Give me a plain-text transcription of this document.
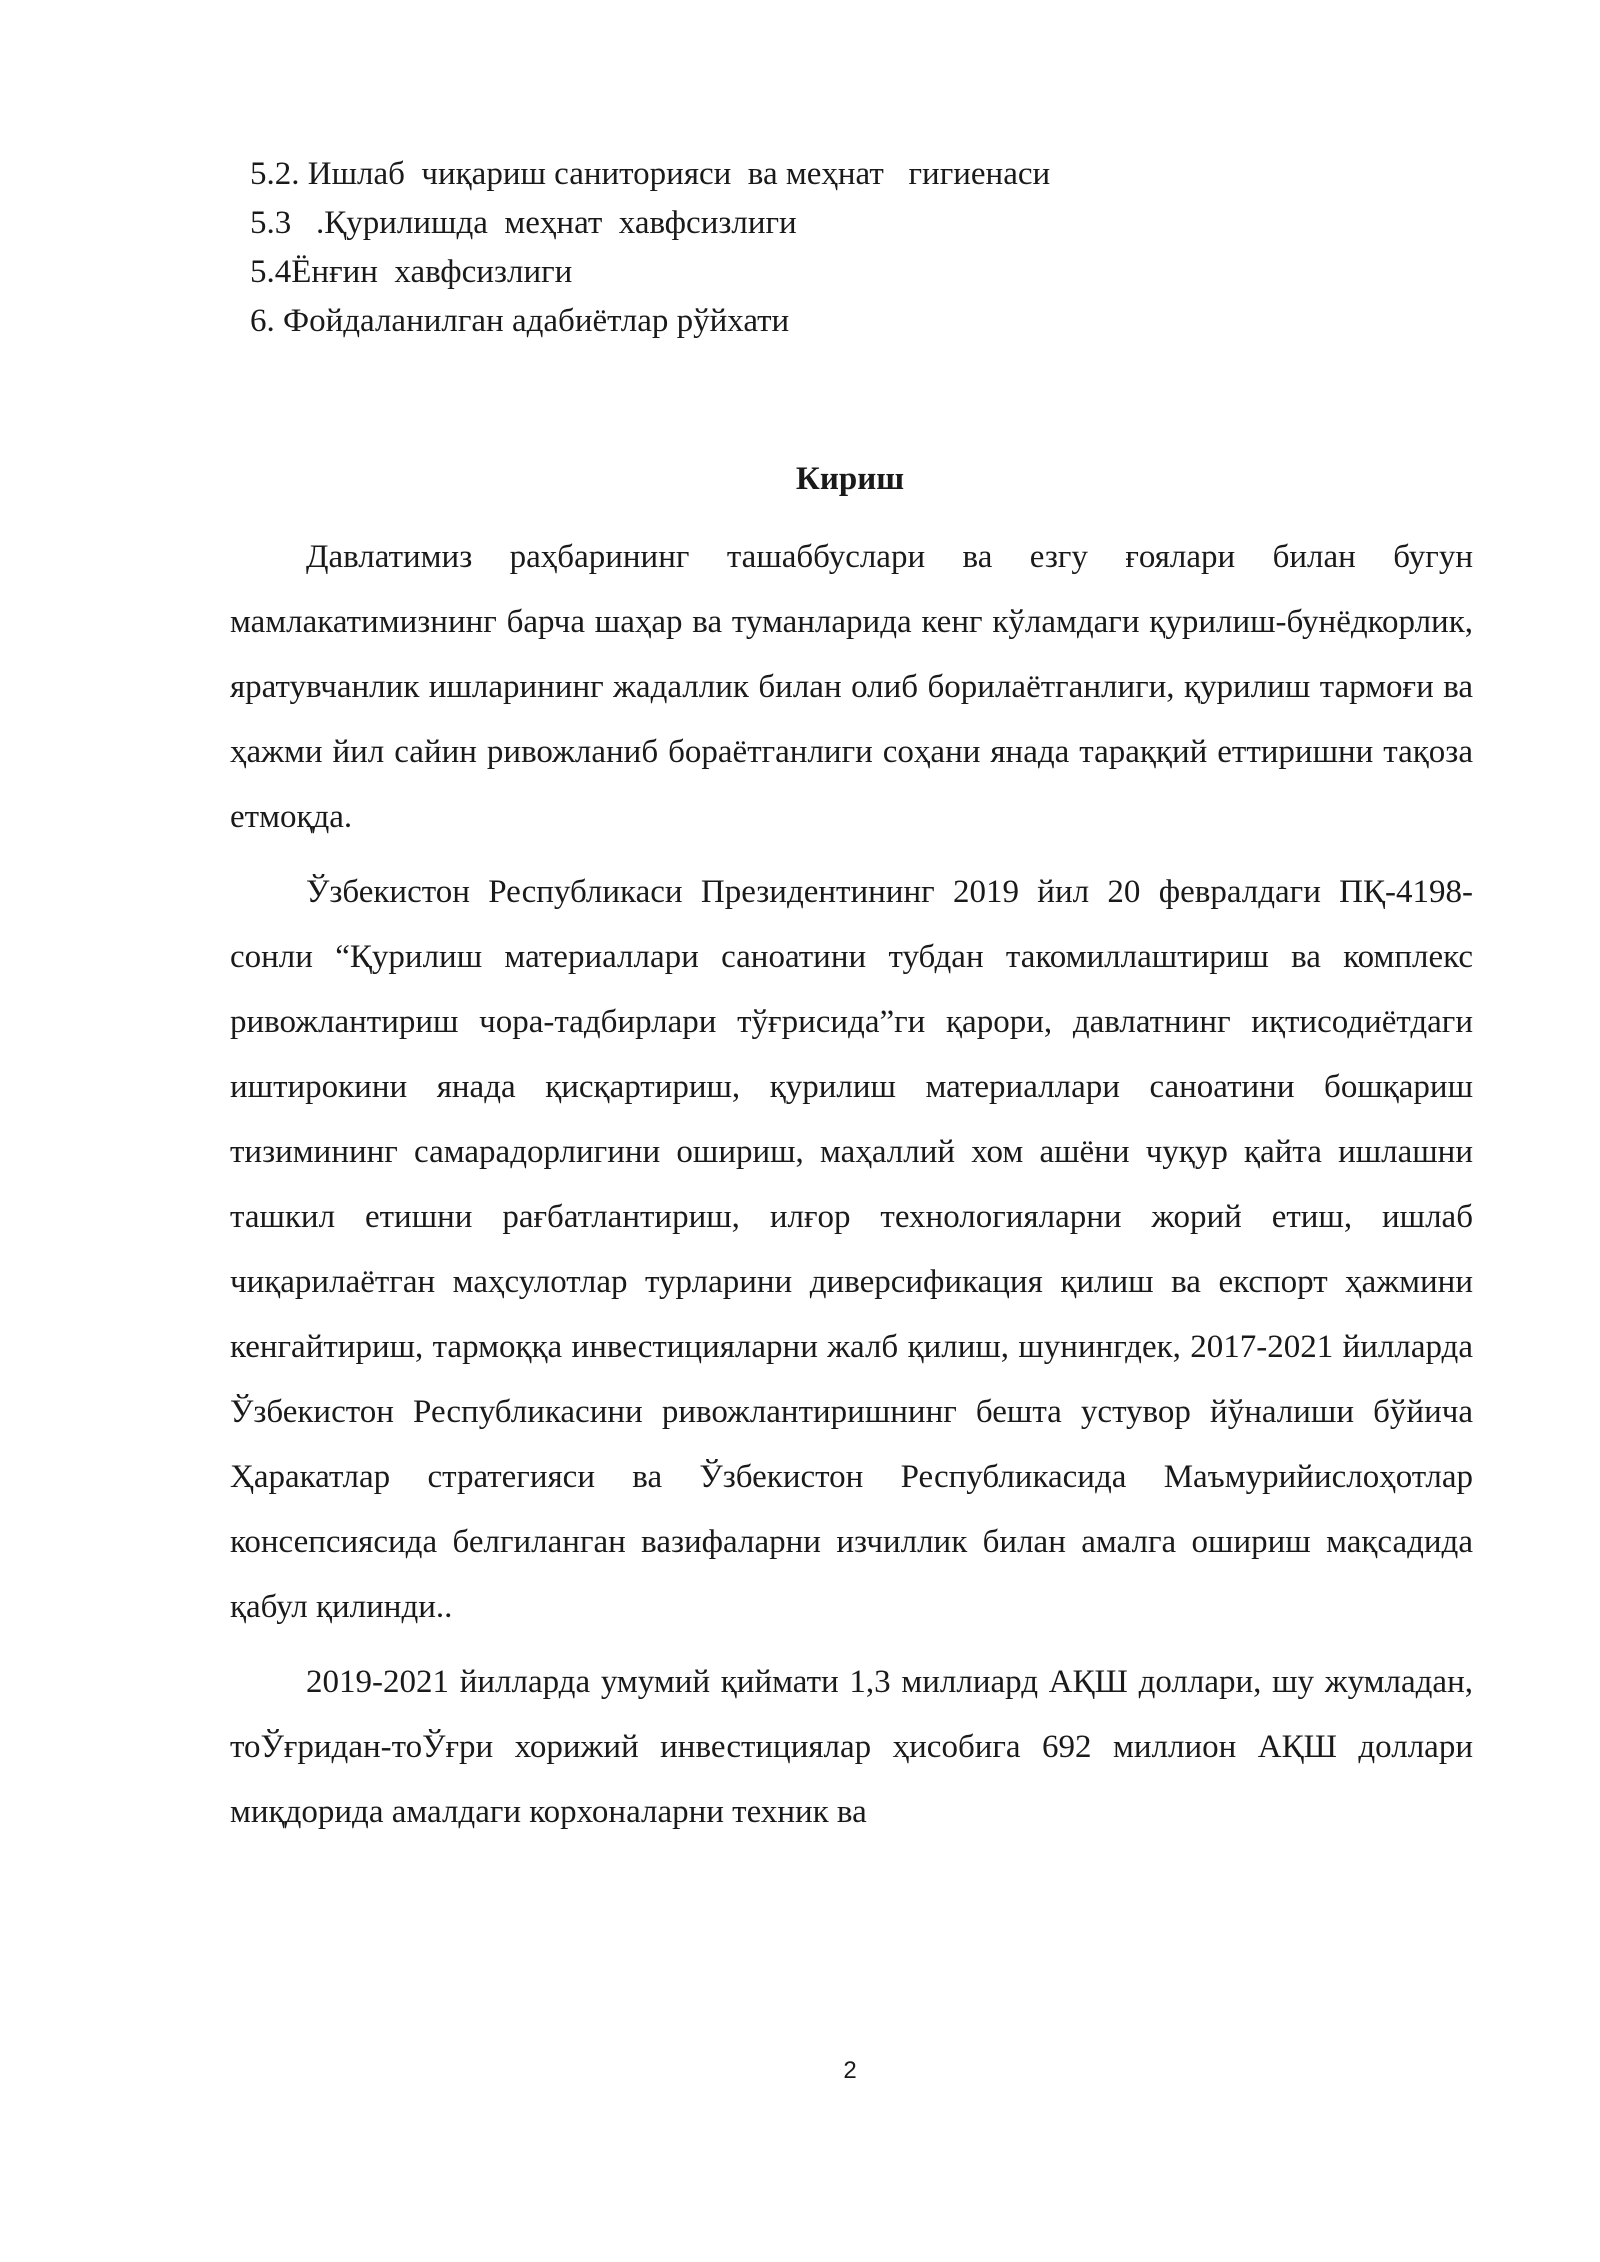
5.2. Ишлаб  чиқариш саниторияси  ва меҳнат   гигиенаси
5.3   .Қурилишда  меҳнат  хавфсизлиги
5.4Ёнғин  хавфсизлиги
6. Фойдаланилган адабиётлар рўйхати
Кириш

Давлатимиз раҳбарининг ташаббуслари ва езгу ғоялари билан бугун мамлакатимизнинг барча шаҳар ва туманларида кенг кўламдаги қурилиш-бунёдкорлик, яратувчанлик ишларининг жадаллик билан олиб борилаётганлиги, қурилиш тармоғи ва ҳажми йил сайин ривожланиб бораётганлиги соҳани янада тараққий еттиришни тақоза етмоқда.

Ўзбекистон Республикаси Президентининг 2019 йил 20 февралдаги ПҚ-4198-сонли “Қурилиш материаллари саноатини тубдан такомиллаштириш ва комплекс ривожлантириш чора-тадбирлари тўғрисида”ги қарори, давлатнинг иқтисодиётдаги иштирокини янада қисқартириш, қурилиш материаллари саноатини бошқариш тизимининг самарадорлигини ошириш, маҳаллий хом ашёни чуқур қайта ишлашни ташкил етишни рағбатлантириш, илғор технологияларни жорий етиш, ишлаб чиқарилаётган маҳсулотлар турларини диверсификация қилиш ва експорт ҳажмини кенгайтириш, тармоққа инвестицияларни жалб қилиш, шунингдек, 2017-2021 йилларда Ўзбекистон Республикасини ривожлантиришнинг бешта устувор йўналиши бўйича Ҳаракатлар стратегияси ва Ўзбекистон Республикасида Маъмурийислоҳотлар консепсиясида белгиланган вазифаларни изчиллик билан амалга ошириш мақсадида қабул қилинди..

2019-2021 йилларда умумий қиймати 1,3 миллиард АҚШ доллари, шу жумладан, тоЎғридан-тоЎғри хорижий инвестициялар ҳисобига 692 миллион АҚШ доллари миқдорида амалдаги корхоналарни техник ва

2
